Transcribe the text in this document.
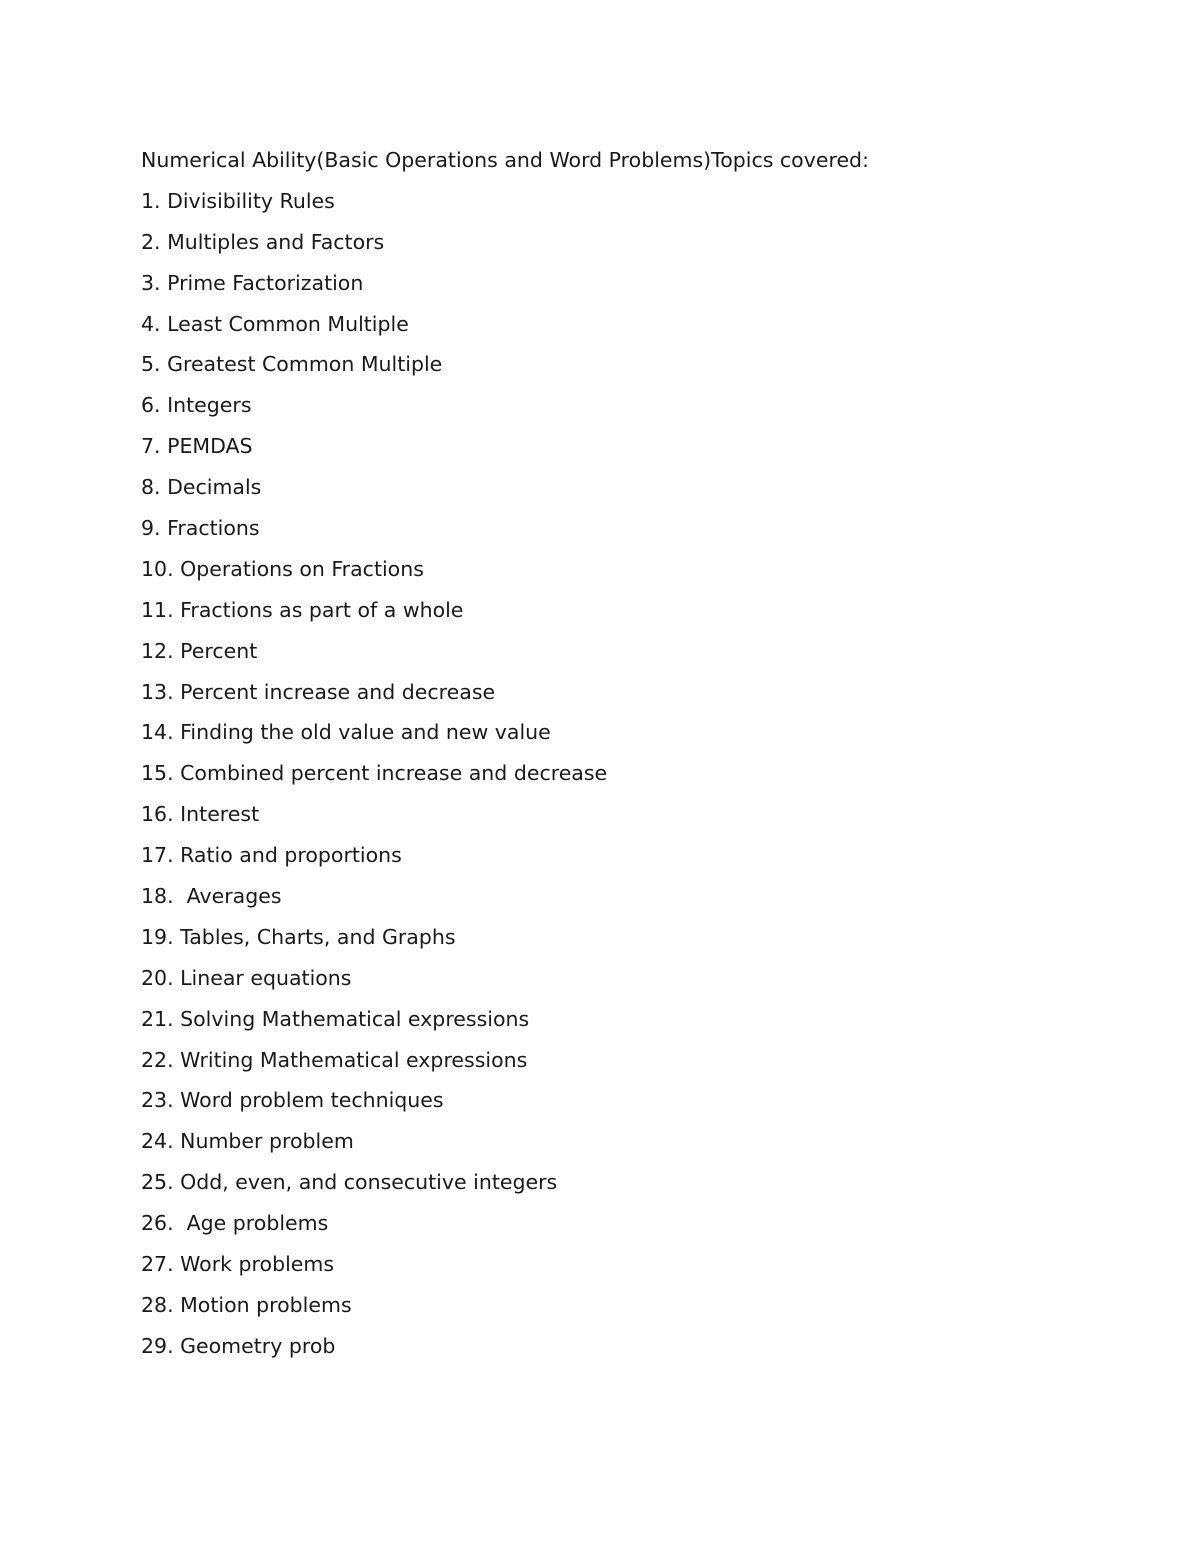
Numerical Ability(Basic Operations and Word Problems)Topics covered:

1. Divisibility Rules
2. Multiples and Factors
3. Prime Factorization
4. Least Common Multiple
5. Greatest Common Multiple
6. Integers
7. PEMDAS
8. Decimals
9. Fractions
10. Operations on Fractions
11. Fractions as part of a whole
12. Percent
13. Percent increase and decrease
14. Finding the old value and new value
15. Combined percent increase and decrease
16. Interest
17. Ratio and proportions
18.  Averages
19. Tables, Charts, and Graphs
20. Linear equations
21. Solving Mathematical expressions
22. Writing Mathematical expressions
23. Word problem techniques
24. Number problem
25. Odd, even, and consecutive integers
26.  Age problems
27. Work problems
28. Motion problems
29. Geometry prob
